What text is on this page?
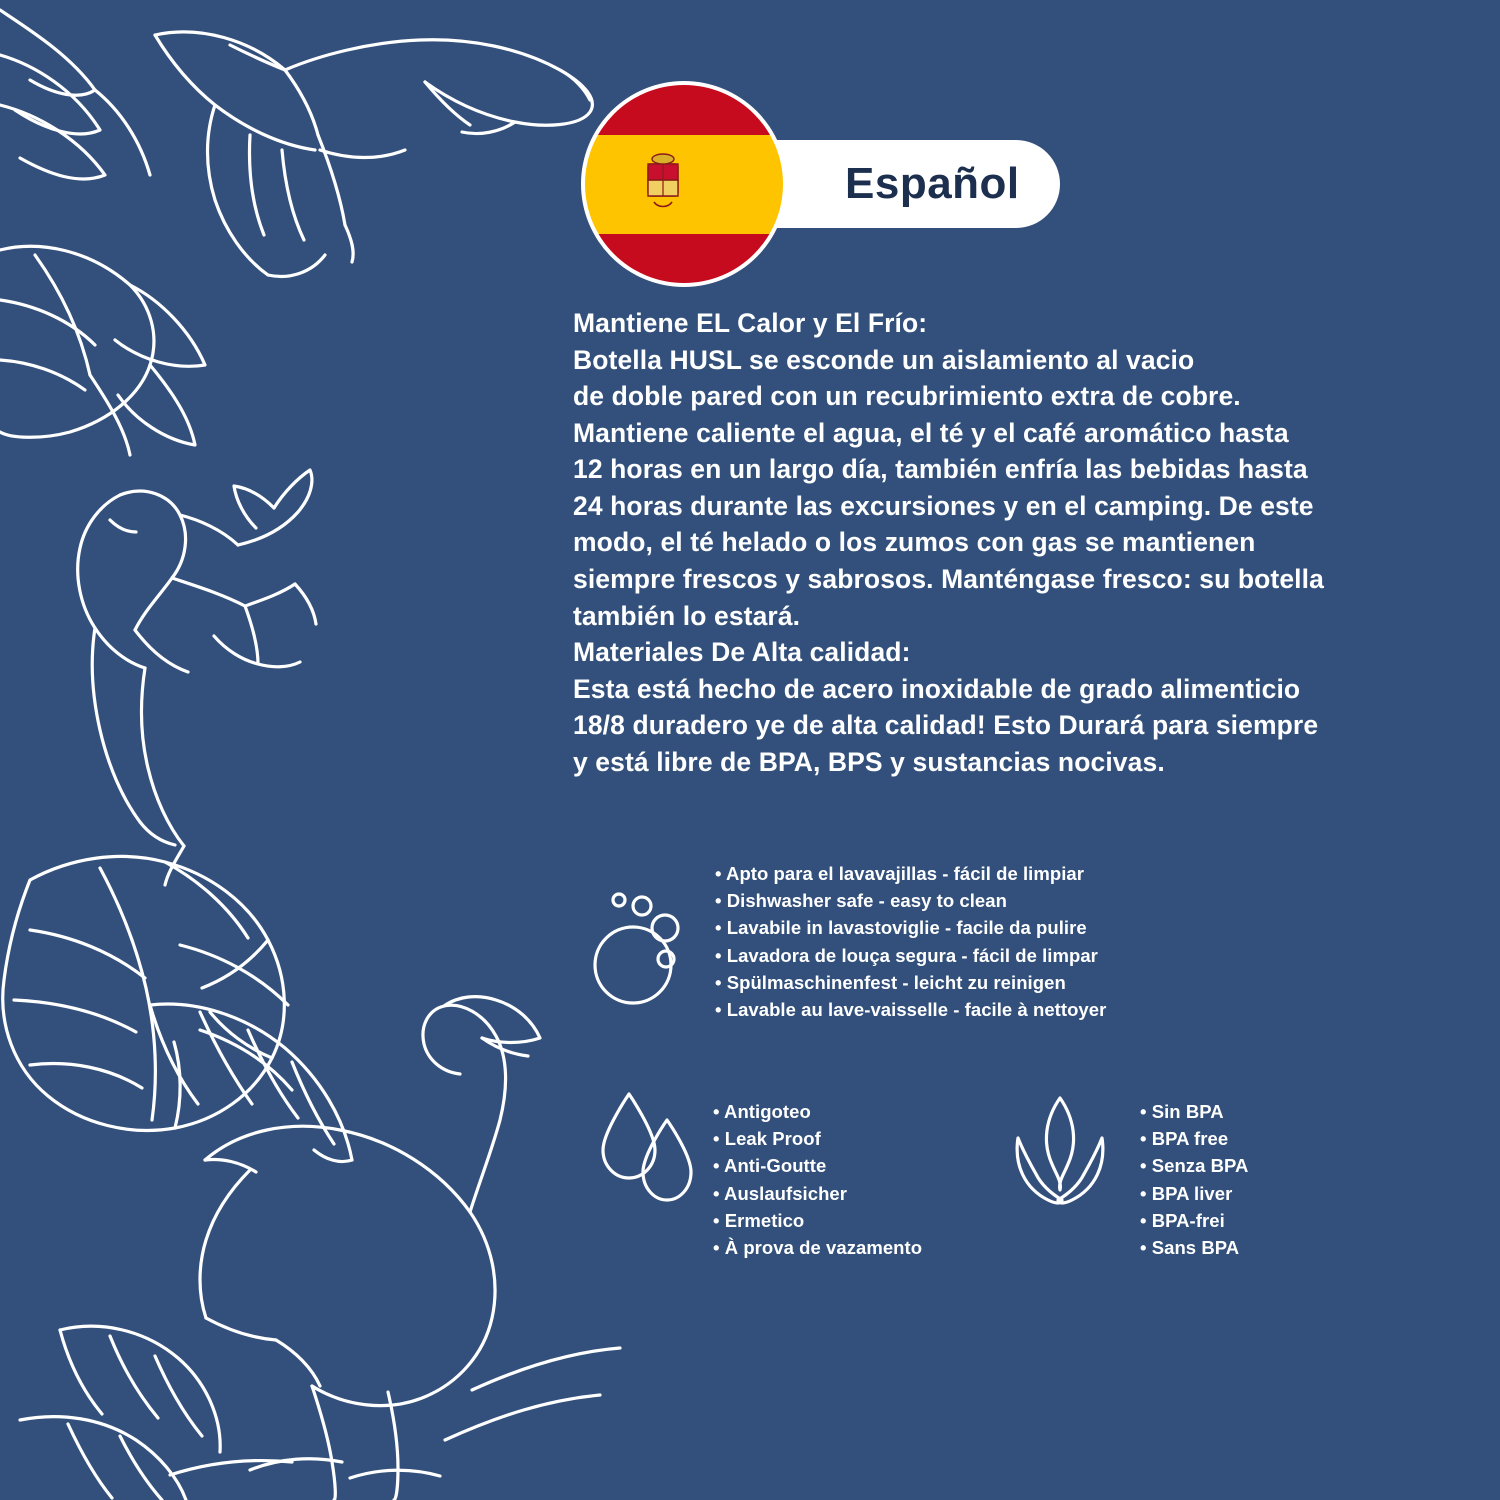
Español
Mantiene EL Calor y El Frío:
Botella HUSL se esconde un aislamiento al vacio
de doble pared con un recubrimiento extra de cobre.
Mantiene caliente el agua, el té y el café aromático hasta
12 horas en un largo día, también enfría las bebidas hasta
24 horas durante las excursiones y en el camping. De este
modo, el té helado o los zumos con gas se mantienen
siempre frescos y sabrosos. Manténgase fresco: su botella
también lo estará.
Materiales De Alta calidad:
Esta está hecho de acero inoxidable de grado alimenticio
18/8 duradero ye de alta calidad! Esto Durará para siempre
y está libre de BPA, BPS y sustancias nocivas.
• Apto para el lavavajillas - fácil de limpiar
• Dishwasher safe - easy to clean
• Lavabile in lavastoviglie - facile da pulire
• Lavadora de louça segura - fácil de limpar
• Spülmaschinenfest - leicht zu reinigen
• Lavable au lave-vaisselle - facile à nettoyer
• Antigoteo
• Leak Proof
• Anti-Goutte
• Auslaufsicher
• Ermetico
• À prova de vazamento
• Sin BPA
• BPA free
• Senza BPA
• BPA liver
• BPA-frei
• Sans BPA
